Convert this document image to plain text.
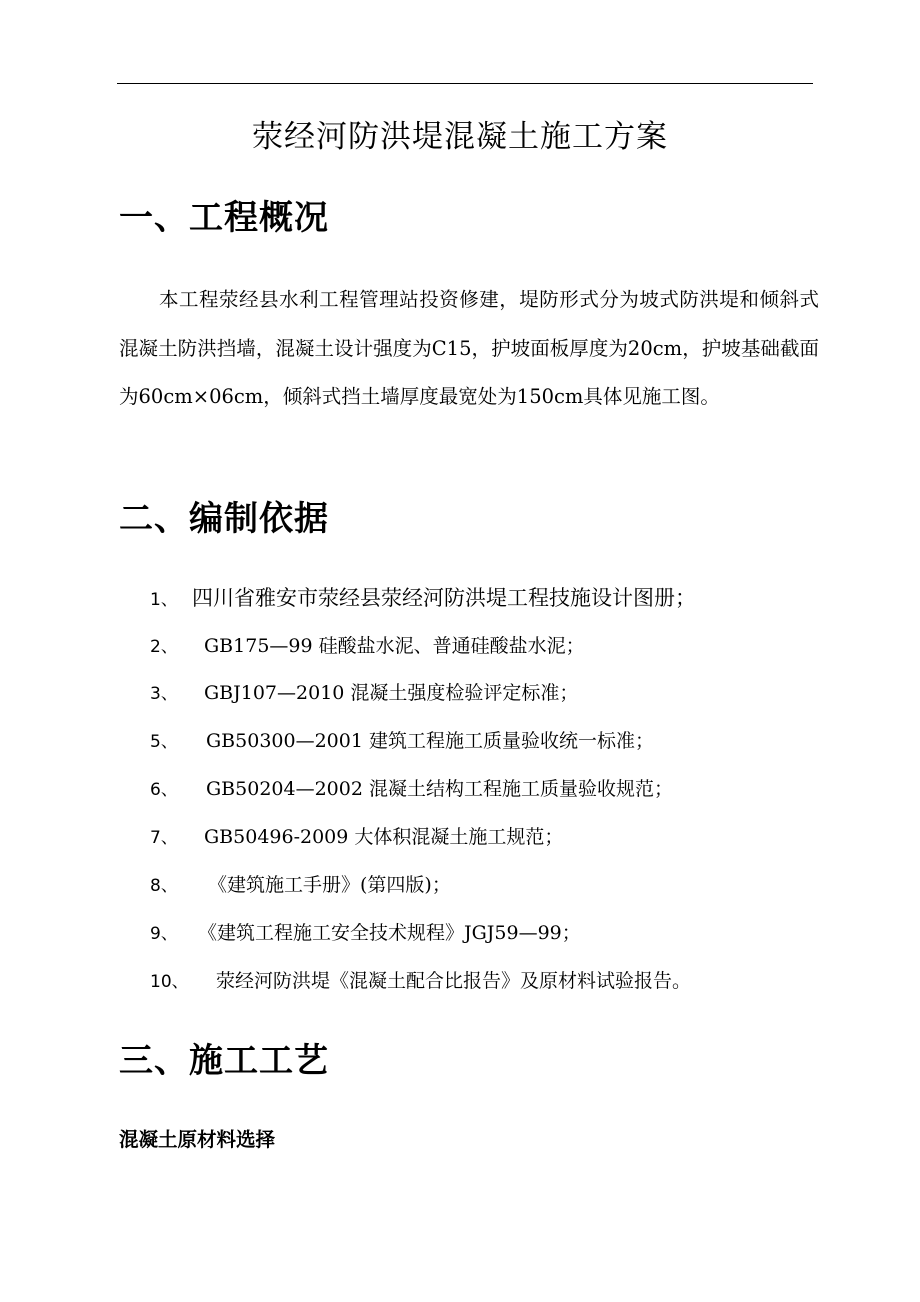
荥经河防洪堤混凝土施工方案
一、工程概况

本工程荥经县水利工程管理站投资修建，堤防形式分为坡式防洪堤和倾斜式混凝土防洪挡墙，混凝土设计强度为C15，护坡面板厚度为20cm，护坡基础截面为60cm×06cm，倾斜式挡土墙厚度最宽处为150cm具体见施工图。

二、编制依据
1、 四川省雅安市荥经县荥经河防洪堤工程技施设计图册；
2、 GB175—99 硅酸盐水泥、普通硅酸盐水泥；
3、 GBJ107—2010 混凝土强度检验评定标准；
5、 GB50300—2001 建筑工程施工质量验收统一标准；
6、 GB50204—2002 混凝土结构工程施工质量验收规范；
7、 GB50496-2009 大体积混凝土施工规范；
8、 《建筑施工手册》(第四版)；
9、 《建筑工程施工安全技术规程》JGJ59—99；
10、 荥经河防洪堤《混凝土配合比报告》及原材料试验报告。
三、施工工艺
混凝土原材料选择
